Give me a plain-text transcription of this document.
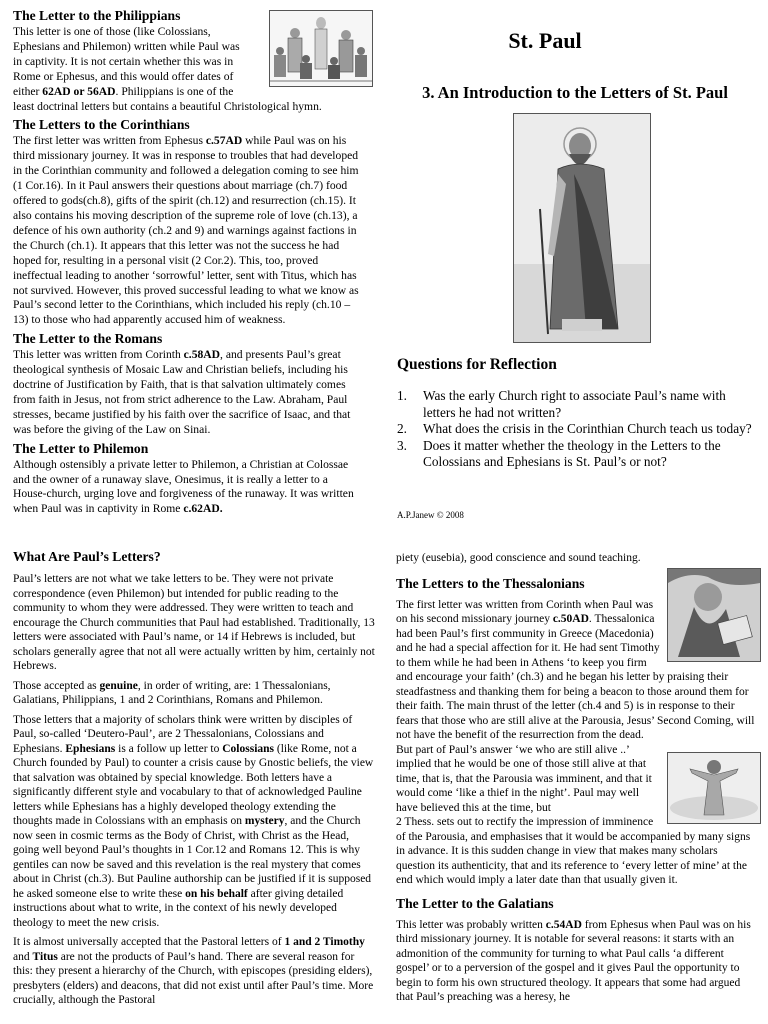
The Letter to the Philippians
This letter is one of those (like Colossians,
Ephesians and Philemon) written while Paul was
in captivity. It is not certain whether this was in
Rome or Ephesus, and this would offer dates of
either 62AD or 56AD. Philippians is one of the
least doctrinal letters but contains a beautiful Christological hymn.
The Letters to the Corinthians

The first letter was written from Ephesus c.57AD while Paul was on his third missionary journey. It was in response to troubles that had developed in the Corinthian community and followed a delegation coming to see him (1 Cor.16). In it Paul answers their questions about marriage (ch.7) food offered to gods(ch.8), gifts of the spirit (ch.12) and resurrection (ch.15). It also contains his moving description of the supreme role of love (ch.13), a defence of his own authority (ch.2 and 9) and warnings against factions in the Church (ch.1). It appears that this letter was not the success he had hoped for, resulting in a personal visit (2 Cor.2). This, too, proved ineffectual leading to another ‘sorrowful’ letter, sent with Titus, which has not survived. However, this proved successful leading to what we know as Paul’s second letter to the Corinthians, which included his reply (ch.10 –13) to those who had apparently accused him of weakness.

The Letter to the Romans

This letter was written from Corinth c.58AD, and presents Paul’s great theological synthesis of Mosaic Law and Christian beliefs, including his doctrine of Justification by Faith, that is that salvation ultimately comes from faith in Jesus, not from strict adherence to the Law. Abraham, Paul stresses, became justified by his faith over the sacrifice of Isaac, and that was before the giving of the Law on Sinai.

The Letter to Philemon

Although ostensibly a private letter to Philemon, a Christian at Colossae and the owner of a runaway slave, Onesimus, it is really a letter to a House-church, urging love and forgiveness of the runaway. It was written when Paul was in captivity in Rome c.62AD.

St. Paul
3. An Introduction to the Letters of St. Paul
Questions for Reflection
1. Was the early Church right to associate Paul’s name with letters he had not written?
2. What does the crisis in the Corinthian Church teach us today?
3. Does it matter whether the theology in the Letters to the Colossians and Ephesians is St. Paul’s or not?
A.P.Janew © 2008
What Are Paul’s Letters?

Paul’s letters are not what we take letters to be. They were not private correspondence (even Philemon) but intended for public reading to the community to whom they were addressed. They were written to teach and encourage the Church communities that Paul had established. Traditionally, 13 letters were associated with Paul’s name, or 14 if Hebrews is included, but scholars generally agree that not all were actually written by him, certainly not Hebrews.

Those accepted as genuine, in order of writing, are: 1 Thessalonians, Galatians, Philippians, 1 and 2 Corinthians, Romans and Philemon.

Those letters that a majority of scholars think were written by disciples of Paul, so-called ‘Deutero-Paul’, are 2 Thessalonians, Colossians and Ephesians. Ephesians is a follow up letter to Colossians (like Rome, not a Church founded by Paul) to counter a crisis cause by Gnostic beliefs, the view that salvation was obtained by special knowledge. Both letters have a significantly different style and vocabulary to that of acknowledged Pauline letters while Ephesians has a highly developed theology extending the thoughts made in Colossians with an emphasis on mystery, and the Church now seen in cosmic terms as the Body of Christ, with Christ as the Head, going well beyond Paul’s thoughts in 1 Cor.12 and Romans 12. This is why gentiles can now be saved and this revelation is the real mystery that comes about in Christ (ch.3). But Pauline authorship can be justified if it is supposed he asked someone else to write these on his behalf after giving detailed instructions about what to write, in the context of his newly developed theology to meet the new crisis.

It is almost universally accepted that the Pastoral letters of 1 and 2 Timothy and Titus are not the products of Paul’s hand. There are several reason for this: they present a hierarchy of the Church, with episcopes (presiding elders), presbyters (elders) and deacons, that did not exist until after Paul’s time. More crucially, although the Pastoral

piety (eusebia), good conscience and sound teaching.

The Letters to the Thessalonians

The first letter was written from Corinth when Paul was on his second missionary journey c.50AD. Thessalonica had been Paul’s first community in Greece (Macedonia) and he had a special affection for it. He had sent Timothy to them while he had been in Athens ‘to keep you firm and encourage your faith’ (ch.3) and he began his letter by praising their steadfastness and thanking them for being a beacon to those around them for their faith. The main thrust of the letter (ch.4 and 5) is in response to their fears that those who are still alive at the Parousia, Jesus’ Second Coming, will not have the benefit of the resurrection from the dead.

But part of Paul’s answer ‘we who are still alive ..’ implied that he would be one of those still alive at that time, that is, that the Parousia was imminent, and that it would come ‘like a thief in the night’. Paul may well have believed this at the time, but

2 Thess. sets out to rectify the impression of imminence of the Parousia, and emphasises that it would be accompanied by many signs in advance. It is this sudden change in view that makes many scholars question its authenticity, that and its reference to ‘every letter of mine’ at the end which would imply a later date than that usually given it.

The Letter to the Galatians

This letter was probably written c.54AD from Ephesus when Paul was on his third missionary journey. It is notable for several reasons: it starts with an admonition of the community for turning to what Paul calls ‘a different gospel’ or to a perversion of the gospel and it gives Paul the opportunity to begin to form his own structured theology. It appears that some had argued that Paul’s preaching was a heresy, he
